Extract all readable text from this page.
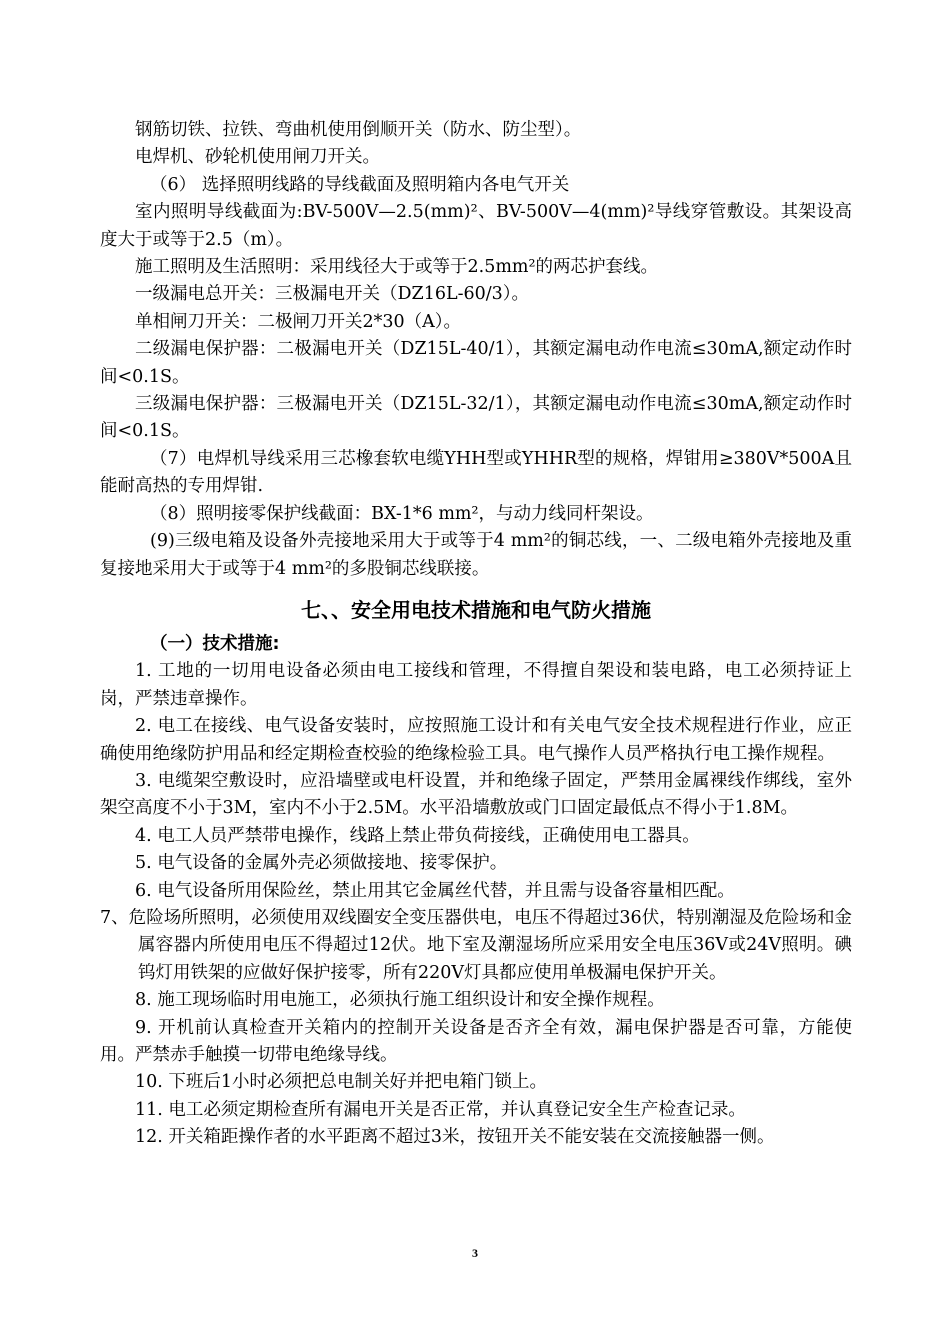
钢筋切铁、拉铁、弯曲机使用倒顺开关（防水、防尘型）。

电焊机、砂轮机使用闸刀开关。

（6） 选择照明线路的导线截面及照明箱内各电气开关

室内照明导线截面为:BV-500V—2.5(mm)²、BV-500V—4(mm)²导线穿管敷设。其架设高度大于或等于2.5（m）。

施工照明及生活照明：采用线径大于或等于2.5mm²的两芯护套线。

一级漏电总开关：三极漏电开关（DZ16L-60/3）。

单相闸刀开关：二极闸刀开关2*30（A）。

二级漏电保护器：二极漏电开关（DZ15L-40/1），其额定漏电动作电流≤30mA,额定动作时间<0.1S。

三级漏电保护器：三极漏电开关（DZ15L-32/1），其额定漏电动作电流≤30mA,额定动作时间<0.1S。

（7）电焊机导线采用三芯橡套软电缆YHH型或YHHR型的规格，焊钳用≥380V*500A且能耐高热的专用焊钳.

（8）照明接零保护线截面：BX-1*6 mm²，与动力线同杆架设。

(9)三级电箱及设备外壳接地采用大于或等于4 mm²的铜芯线，一、二级电箱外壳接地及重复接地采用大于或等于4 mm²的多股铜芯线联接。

七、、安全用电技术措施和电气防火措施

（一）技术措施:

1. 工地的一切用电设备必须由电工接线和管理，不得擅自架设和装电路，电工必须持证上岗，严禁违章操作。

2. 电工在接线、电气设备安装时，应按照施工设计和有关电气安全技术规程进行作业，应正确使用绝缘防护用品和经定期检查校验的绝缘检验工具。电气操作人员严格执行电工操作规程。

3. 电缆架空敷设时，应沿墙壁或电杆设置，并和绝缘子固定，严禁用金属裸线作绑线，室外架空高度不小于3M，室内不小于2.5M。水平沿墙敷放或门口固定最低点不得小于1.8M。

4. 电工人员严禁带电操作，线路上禁止带负荷接线，正确使用电工器具。

5. 电气设备的金属外壳必须做接地、接零保护。

6. 电气设备所用保险丝，禁止用其它金属丝代替，并且需与设备容量相匹配。

7、危险场所照明，必须使用双线圈安全变压器供电，电压不得超过36伏，特别潮湿及危险场和金属容器内所使用电压不得超过12伏。地下室及潮湿场所应采用安全电压36V或24V照明。碘钨灯用铁架的应做好保护接零，所有220V灯具都应使用单极漏电保护开关。

8. 施工现场临时用电施工，必须执行施工组织设计和安全操作规程。

9. 开机前认真检查开关箱内的控制开关设备是否齐全有效，漏电保护器是否可靠，方能使用。严禁赤手触摸一切带电绝缘导线。

10. 下班后1小时必须把总电制关好并把电箱门锁上。

11. 电工必须定期检查所有漏电开关是否正常，并认真登记安全生产检查记录。

12. 开关箱距操作者的水平距离不超过3米，按钮开关不能安装在交流接触器一侧。

3
